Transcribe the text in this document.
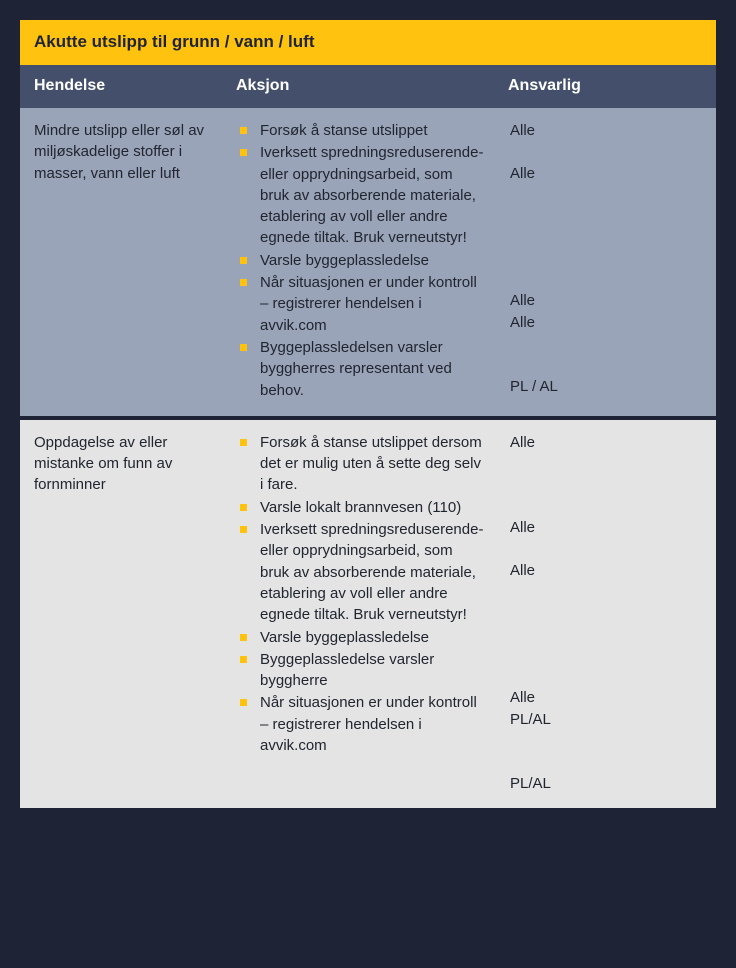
Akutte utslipp til grunn / vann / luft
Hendelse	Aksjon	Ansvarlig
Mindre utslipp eller søl av miljøskadelige stoffer i masser, vann eller luft
Forsøk å stanse utslippet
Iverksett spredningsreduserende- eller opprydningsarbeid, som bruk av absorberende materiale, etablering av voll eller andre egnede tiltak. Bruk verneutstyr!
Varsle byggeplassledelse
Når situasjonen er under kontroll – registrerer hendelsen i avvik.com
Byggeplassledelsen varsler byggherres representant ved behov.
Alle
Alle
Alle
Alle
PL / AL
Oppdagelse av eller mistanke om funn av fornminner
Forsøk å stanse utslippet dersom det er mulig uten å sette deg selv i fare.
Varsle lokalt brannvesen (110)
Iverksett spredningsreduserende- eller opprydningsarbeid, som bruk av absorberende materiale, etablering av voll eller andre egnede tiltak. Bruk verneutstyr!
Varsle byggeplassledelse
Byggeplassledelse varsler byggherre
Når situasjonen er under kontroll – registrerer hendelsen i avvik.com
Alle
Alle
Alle
Alle
PL/AL
PL/AL
